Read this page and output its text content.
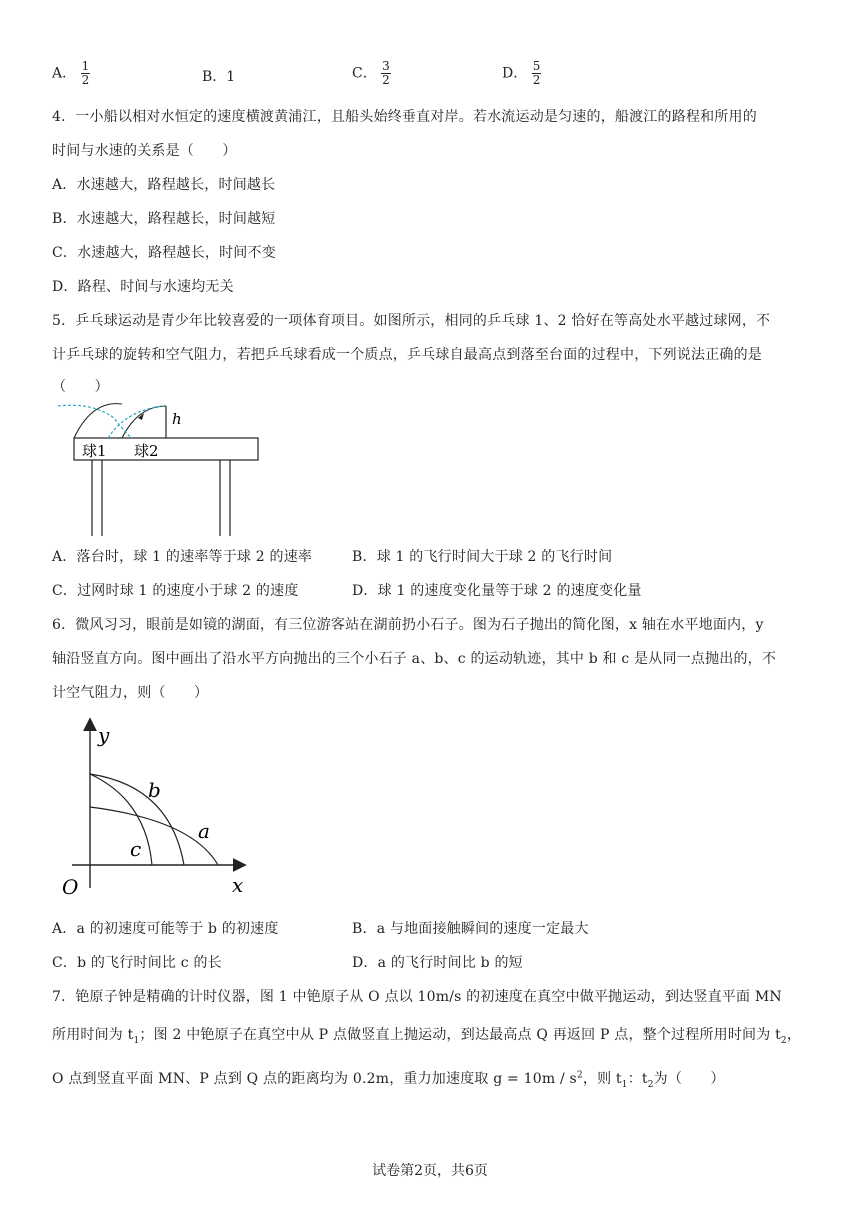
A． $\frac{1}{2}$	B．1	C． $\frac{3}{2}$	D． $\frac{5}{2}$
4．一小船以相对水恒定的速度横渡黄浦江，且船头始终垂直对岸。若水流运动是匀速的，船渡江的路程和所用的
时间与水速的关系是（　　）
A．水速越大，路程越长，时间越长
B．水速越大，路程越长，时间越短
C．水速越大，路程越长，时间不变
D．路程、时间与水速均无关
5．乒乓球运动是青少年比较喜爱的一项体育项目。如图所示，相同的乒乓球 1、2 恰好在等高处水平越过球网，不
计乒乓球的旋转和空气阻力，若把乒乓球看成一个质点，乒乓球自最高点到落至台面的过程中，下列说法正确的是
（　　）
h
球1 球2
A．落台时，球 1 的速率等于球 2 的速率	B．球 1 的飞行时间大于球 2 的飞行时间
C．过网时球 1 的速度小于球 2 的速度	D．球 1 的速度变化量等于球 2 的速度变化量
6．微风习习，眼前是如镜的湖面，有三位游客站在湖前扔小石子。图为石子抛出的简化图，x 轴在水平地面内，y
轴沿竖直方向。图中画出了沿水平方向抛出的三个小石子 a、b、c 的运动轨迹，其中 b 和 c 是从同一点抛出的，不
计空气阻力，则（　　）
y
x
O
b
a
c
A．a 的初速度可能等于 b 的初速度	B．a 与地面接触瞬间的速度一定最大
C．b 的飞行时间比 c 的长	D．a 的飞行时间比 b 的短
7．铯原子钟是精确的计时仪器，图 1 中铯原子从 O 点以 10m/s 的初速度在真空中做平抛运动，到达竖直平面 MN
所用时间为 $t_1$；图 2 中铯原子在真空中从 P 点做竖直上抛运动，到达最高点 Q 再返回 P 点，整个过程所用时间为 $t_2$，
O 点到竖直平面 MN、P 点到 Q 点的距离均为 0.2m，重力加速度取 $g = 10m / s^2$，则 $t_1$：$t_2$为（　　）
试卷第2页，共6页
